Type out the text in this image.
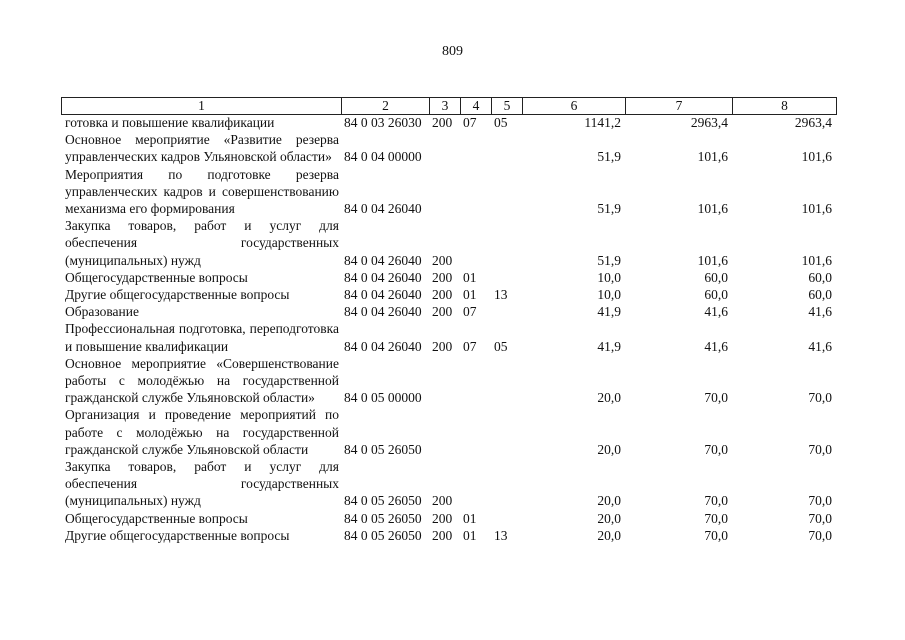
809
1	2	3	4	5	6	7	8
готовка и повышение квалификации	84 0 03 26030	200	07	05	1141,2	2963,4	2963,4
Основное мероприятие «Развитие резерва управленческих кадров Ульяновской области»	84 0 04 00000				51,9	101,6	101,6
Мероприятия по подготовке резерва управленческих кадров и совершенствованию механизма его формирования	84 0 04 26040				51,9	101,6	101,6
Закупка товаров, работ и услуг для обеспечения государственных (муниципальных) нужд	84 0 04 26040	200			51,9	101,6	101,6
Общегосударственные вопросы	84 0 04 26040	200	01		10,0	60,0	60,0
Другие общегосударственные вопросы	84 0 04 26040	200	01	13	10,0	60,0	60,0
Образование	84 0 04 26040	200	07		41,9	41,6	41,6
Профессиональная подготовка, переподготовка и повышение квалификации	84 0 04 26040	200	07	05	41,9	41,6	41,6
Основное мероприятие «Совершенствование работы с молодёжью на государственной гражданской службе Ульяновской области»	84 0 05 00000				20,0	70,0	70,0
Организация и проведение мероприятий по работе с молодёжью на государственной гражданской службе Ульяновской области	84 0 05 26050				20,0	70,0	70,0
Закупка товаров, работ и услуг для обеспечения государственных (муниципальных) нужд	84 0 05 26050	200			20,0	70,0	70,0
Общегосударственные вопросы	84 0 05 26050	200	01		20,0	70,0	70,0
Другие общегосударственные вопросы	84 0 05 26050	200	01	13	20,0	70,0	70,0
